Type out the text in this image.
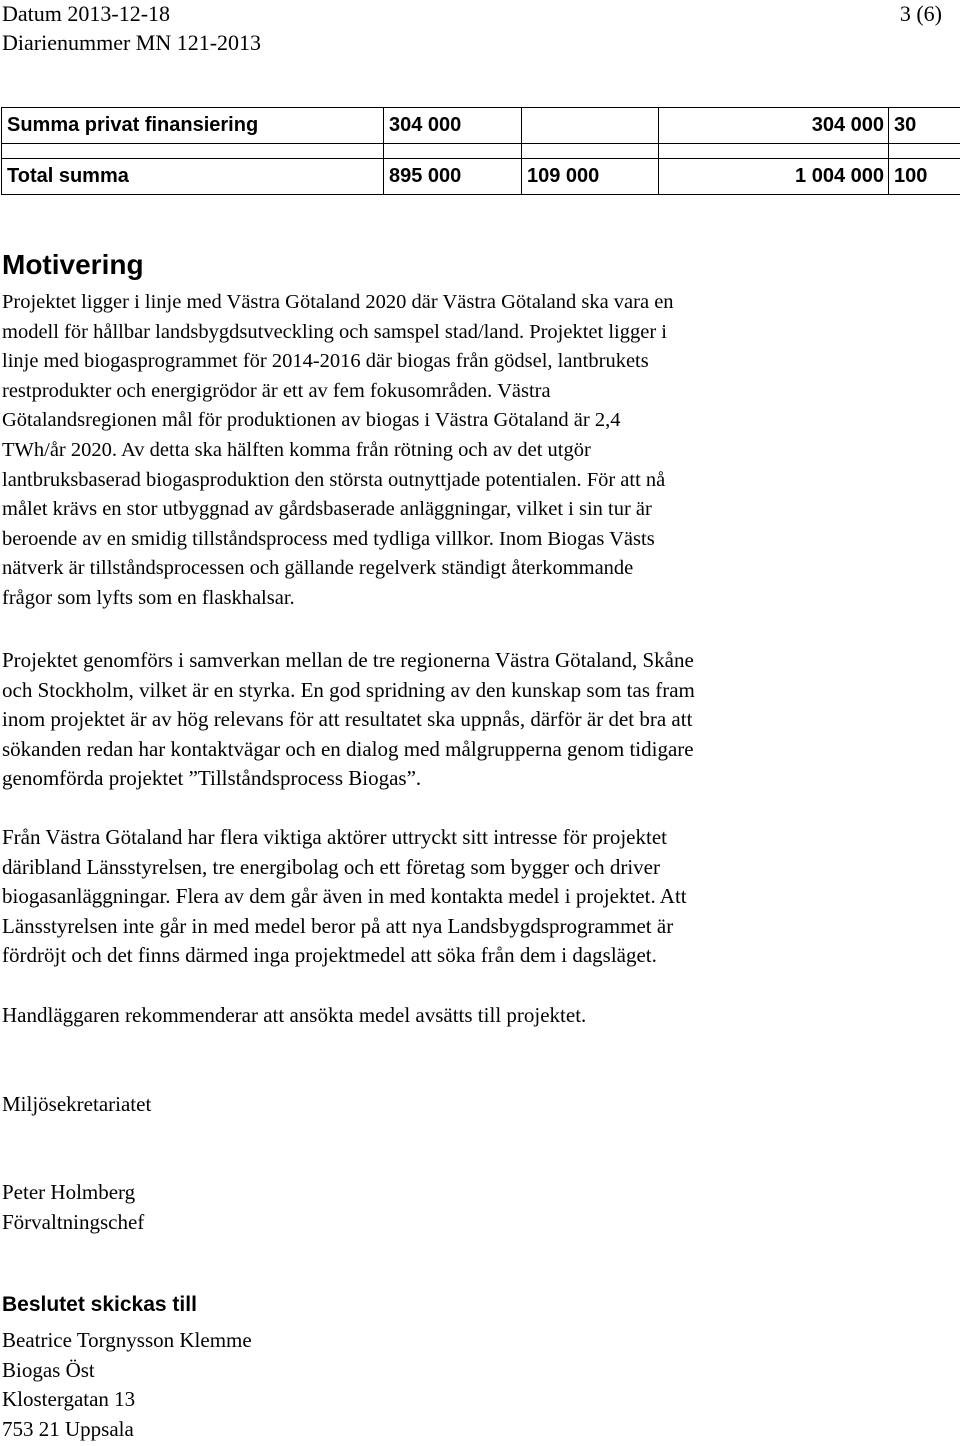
Datum 2013-12-18
Diarienummer MN 121-2013
3 (6)
Summa privat finansiering	304 000		304 000	30

Total summa	895 000	109 000	1 004 000	100
Motivering
Projektet ligger i linje med Västra Götaland 2020 där Västra Götaland ska vara en
modell för hållbar landsbygdsutveckling och samspel stad/land. Projektet ligger i
linje med biogasprogrammet för 2014-2016 där biogas från gödsel, lantbrukets
restprodukter och energigrödor är ett av fem fokusområden. Västra
Götalandsregionen mål för produktionen av biogas i Västra Götaland är 2,4
TWh/år 2020. Av detta ska hälften komma från rötning och av det utgör
lantbruksbaserad biogasproduktion den största outnyttjade potentialen. För att nå
målet krävs en stor utbyggnad av gårdsbaserade anläggningar, vilket i sin tur är
beroende av en smidig tillståndsprocess med tydliga villkor. Inom Biogas Västs
nätverk är tillståndsprocessen och gällande regelverk ständigt återkommande
frågor som lyfts som en flaskhalsar.
Projektet genomförs i samverkan mellan de tre regionerna Västra Götaland, Skåne
och Stockholm, vilket är en styrka. En god spridning av den kunskap som tas fram
inom projektet är av hög relevans för att resultatet ska uppnås, därför är det bra att
sökanden redan har kontaktvägar och en dialog med målgrupperna genom tidigare
genomförda projektet ”Tillståndsprocess Biogas”.
Från Västra Götaland har flera viktiga aktörer uttryckt sitt intresse för projektet
däribland Länsstyrelsen, tre energibolag och ett företag som bygger och driver
biogasanläggningar. Flera av dem går även in med kontakta medel i projektet. Att
Länsstyrelsen inte går in med medel beror på att nya Landsbygdsprogrammet är
fördröjt och det finns därmed inga projektmedel att söka från dem i dagsläget.
Handläggaren rekommenderar att ansökta medel avsätts till projektet.
Miljösekretariatet
Peter Holmberg
Förvaltningschef
Beslutet skickas till
Beatrice Torgnysson Klemme
Biogas Öst
Klostergatan 13
753 21 Uppsala
